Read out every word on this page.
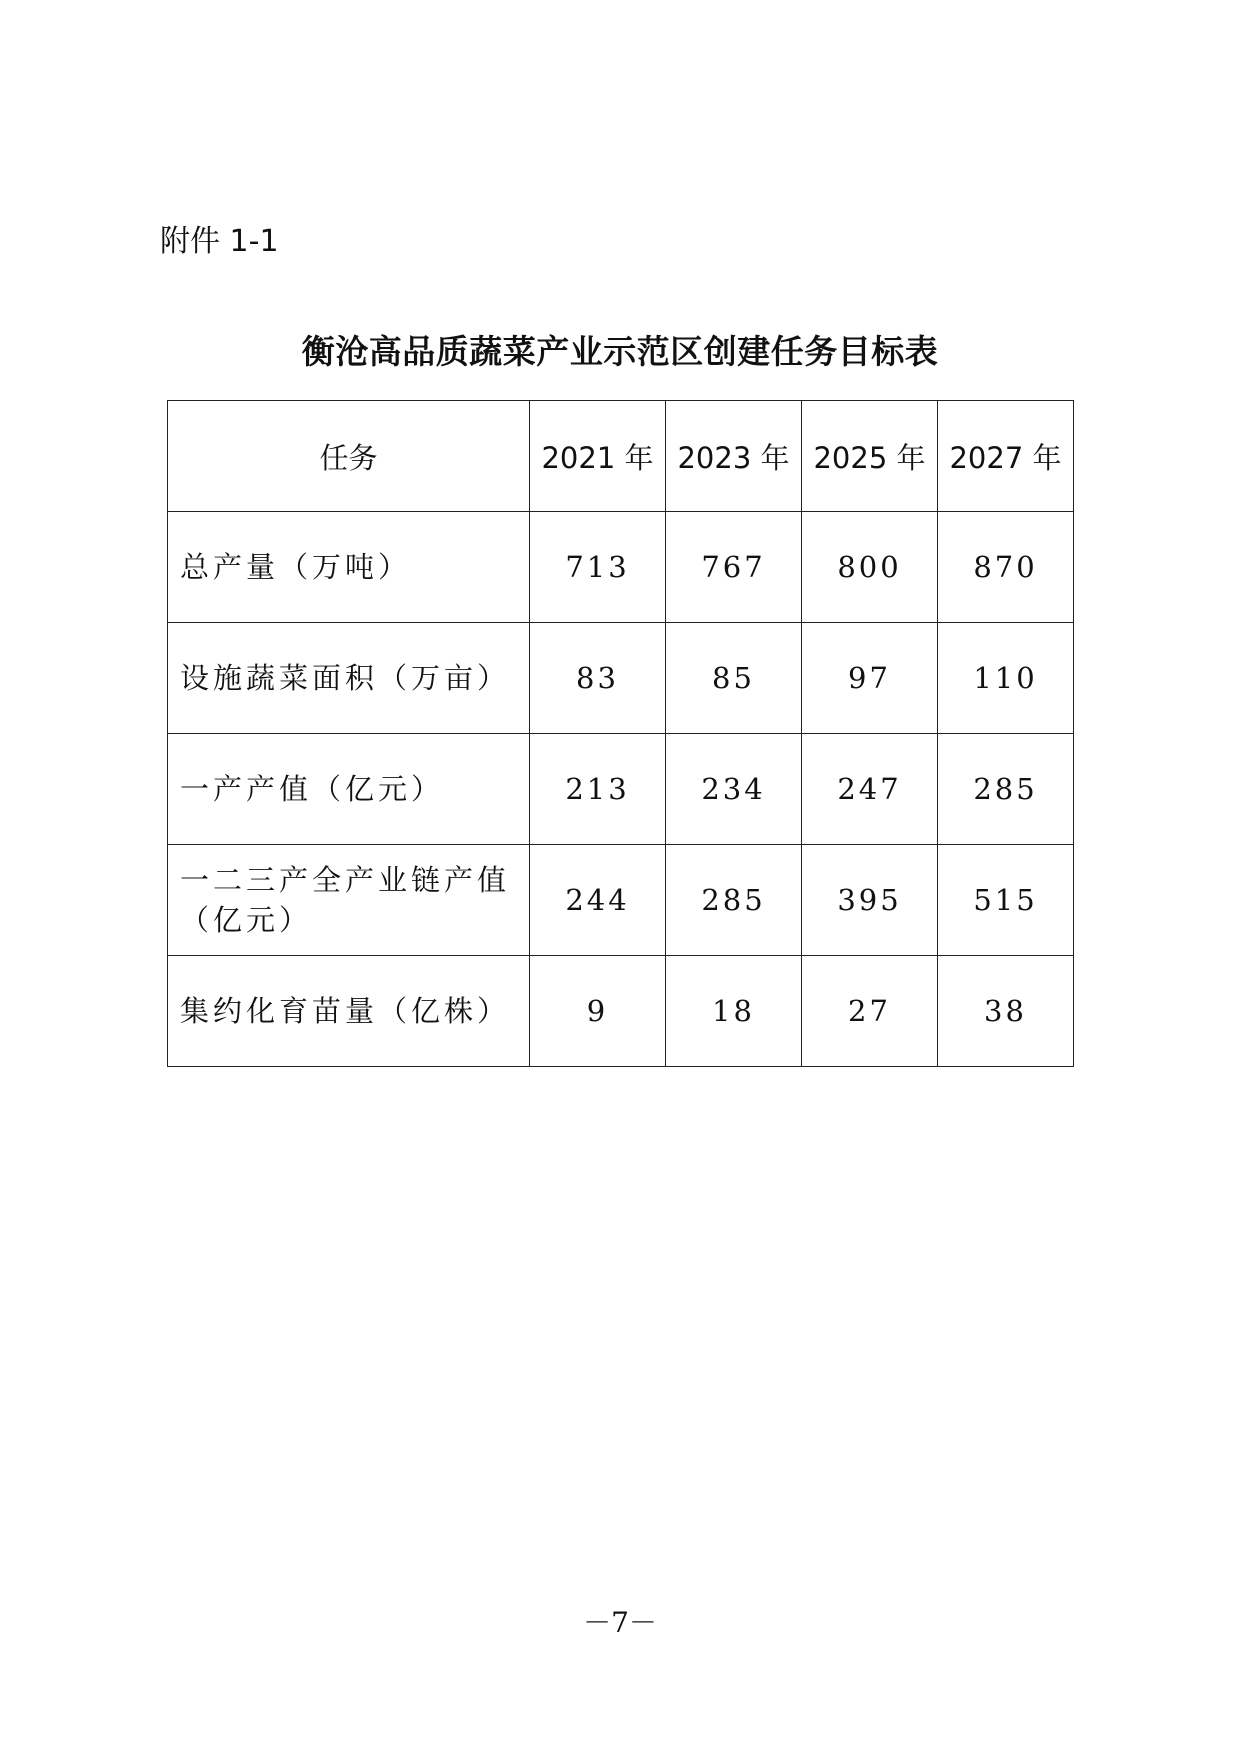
附件 1-1

衡沧高品质蔬菜产业示范区创建任务目标表
任务	2021 年	2023 年	2025 年	2027 年
总产量（万吨）	713	767	800	870
设施蔬菜面积（万亩）	83	85	97	110
一产产值（亿元）	213	234	247	285
一二三产全产业链产值（亿元）	244	285	395	515
集约化育苗量（亿株）	9	18	27	38

－7－
